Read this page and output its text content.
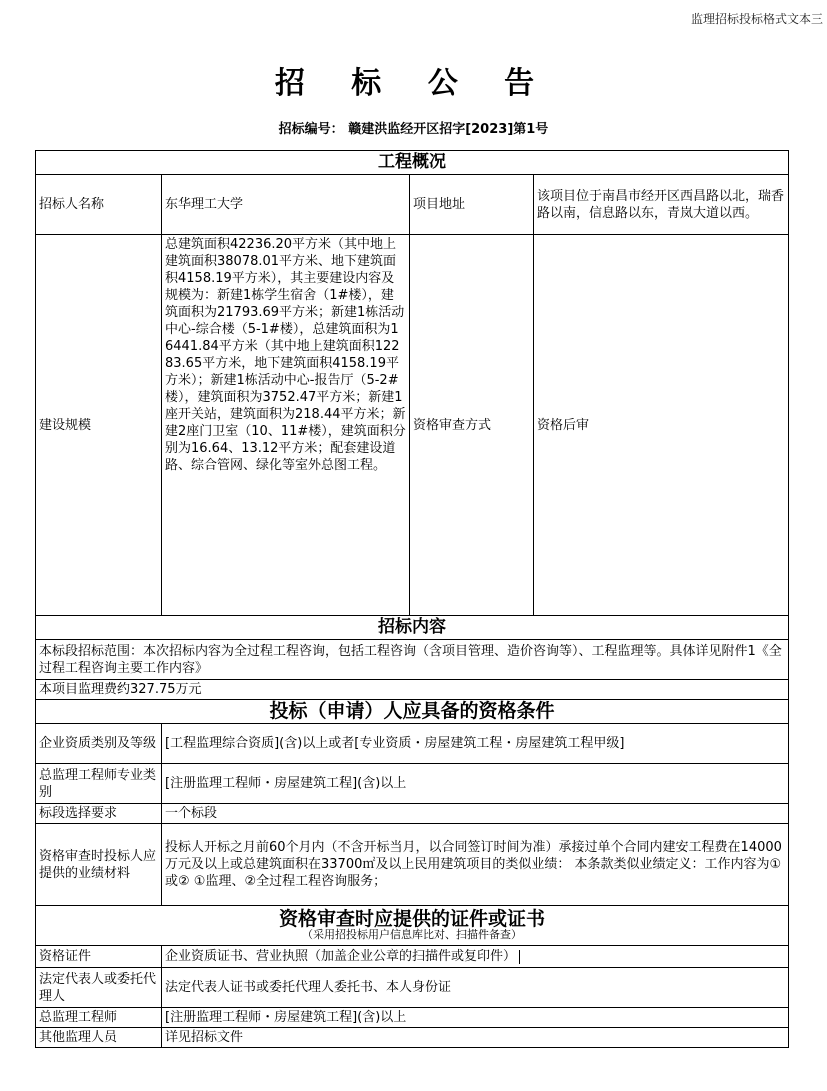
监理招标投标格式文本三
招 标 公 告
招标编号： 赣建洪监经开区招字[2023]第1号
工程概况			
招标人名称	东华理工大学	项目地址	该项目位于南昌市经开区西昌路以北，瑞香路以南，信息路以东，青岚大道以西。
建设规模	总建筑面积42236.20平方米（其中地上建筑面积38078.01平方米、地下建筑面积4158.19平方米），其主要建设内容及规模为：新建1栋学生宿舍（1#楼），建筑面积为21793.69平方米；新建1栋活动中心-综合楼（5-1#楼），总建筑面积为16441.84平方米（其中地上建筑面积12283.65平方米，地下建筑面积4158.19平方米）；新建1栋活动中心-报告厅（5-2#楼），建筑面积为3752.47平方米；新建1座开关站，建筑面积为218.44平方米；新建2座门卫室（10、11#楼），建筑面积分别为16.64、13.12平方米；配套建设道路、综合管网、绿化等室外总图工程。	资格审查方式	资格后审
招标内容			
本标段招标范围：本次招标内容为全过程工程咨询，包括工程咨询（含项目管理、造价咨询等）、工程监理等。具体详见附件1《全过程工程咨询主要工作内容》			
本项目监理费约327.75万元			
投标（申请）人应具备的资格条件			
企业资质类别及等级	[工程监理综合资质](含)以上或者[专业资质・房屋建筑工程・房屋建筑工程甲级]		
总监理工程师专业类别	[注册监理工程师・房屋建筑工程](含)以上		
标段选择要求	一个标段		
资格审查时投标人应提供的业绩材料	投标人开标之月前60个月内（不含开标当月，以合同签订时间为准）承接过单个合同内建安工程费在14000万元及以上或总建筑面积在33700㎡及以上民用建筑项目的类似业绩： 本条款类似业绩定义：工作内容为①或② ①监理、②全过程工程咨询服务；		
资格审查时应提供的证件或证书
（采用招投标用户信息库比对、扫描件备查）			

资格证件	企业资质证书、营业执照（加盖企业公章的扫描件或复印件）		
法定代表人或委托代理人	法定代表人证书或委托代理人委托书、本人身份证		
总监理工程师	[注册监理工程师・房屋建筑工程](含)以上		
其他监理人员	详见招标文件		
